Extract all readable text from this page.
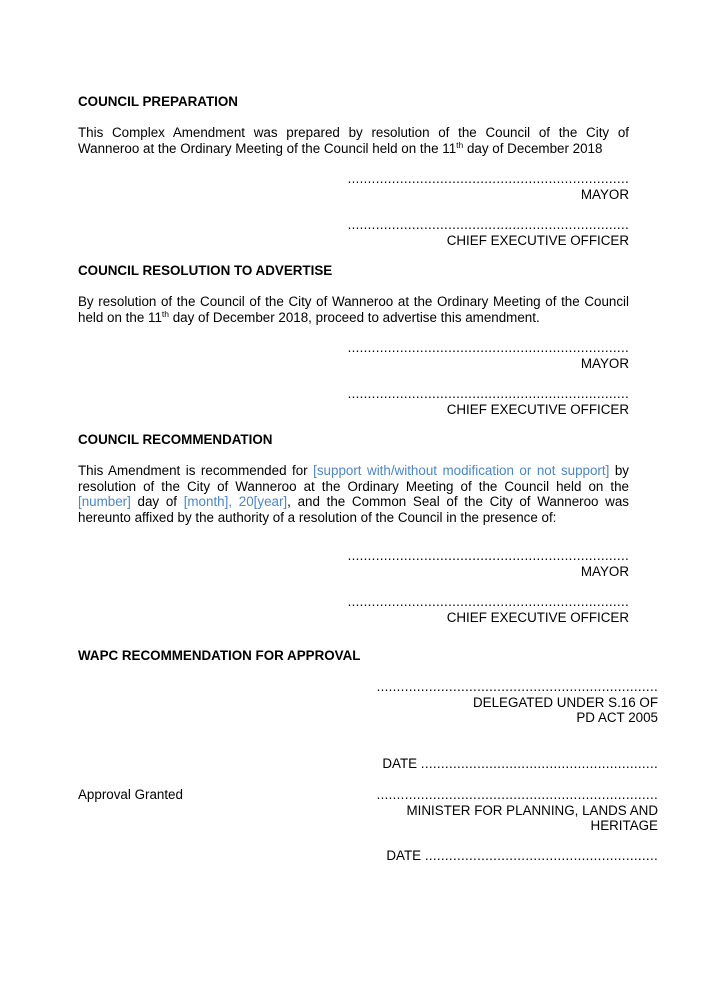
COUNCIL PREPARATION
This Complex Amendment was prepared by resolution of the Council of the City of Wanneroo at the Ordinary Meeting of the Council held on the 11th day of December 2018
......................................................................
MAYOR
......................................................................
CHIEF EXECUTIVE OFFICER
COUNCIL RESOLUTION TO ADVERTISE
By resolution of the Council of the City of Wanneroo at the Ordinary Meeting of the Council held on the 11th day of December 2018, proceed to advertise this amendment.
......................................................................
MAYOR
......................................................................
CHIEF EXECUTIVE OFFICER
COUNCIL RECOMMENDATION
This Amendment is recommended for [support with/without modification or not support] by resolution of the City of Wanneroo at the Ordinary Meeting of the Council held on the [number] day of [month], 20[year], and the Common Seal of the City of Wanneroo was hereunto affixed by the authority of a resolution of the Council in the presence of:
......................................................................
MAYOR
......................................................................
CHIEF EXECUTIVE OFFICER
WAPC RECOMMENDATION FOR APPROVAL
......................................................................
DELEGATED UNDER S.16 OF
PD ACT 2005
DATE ...........................................................
Approval Granted	......................................................................
MINISTER FOR PLANNING, LANDS AND
HERITAGE
DATE ..........................................................
